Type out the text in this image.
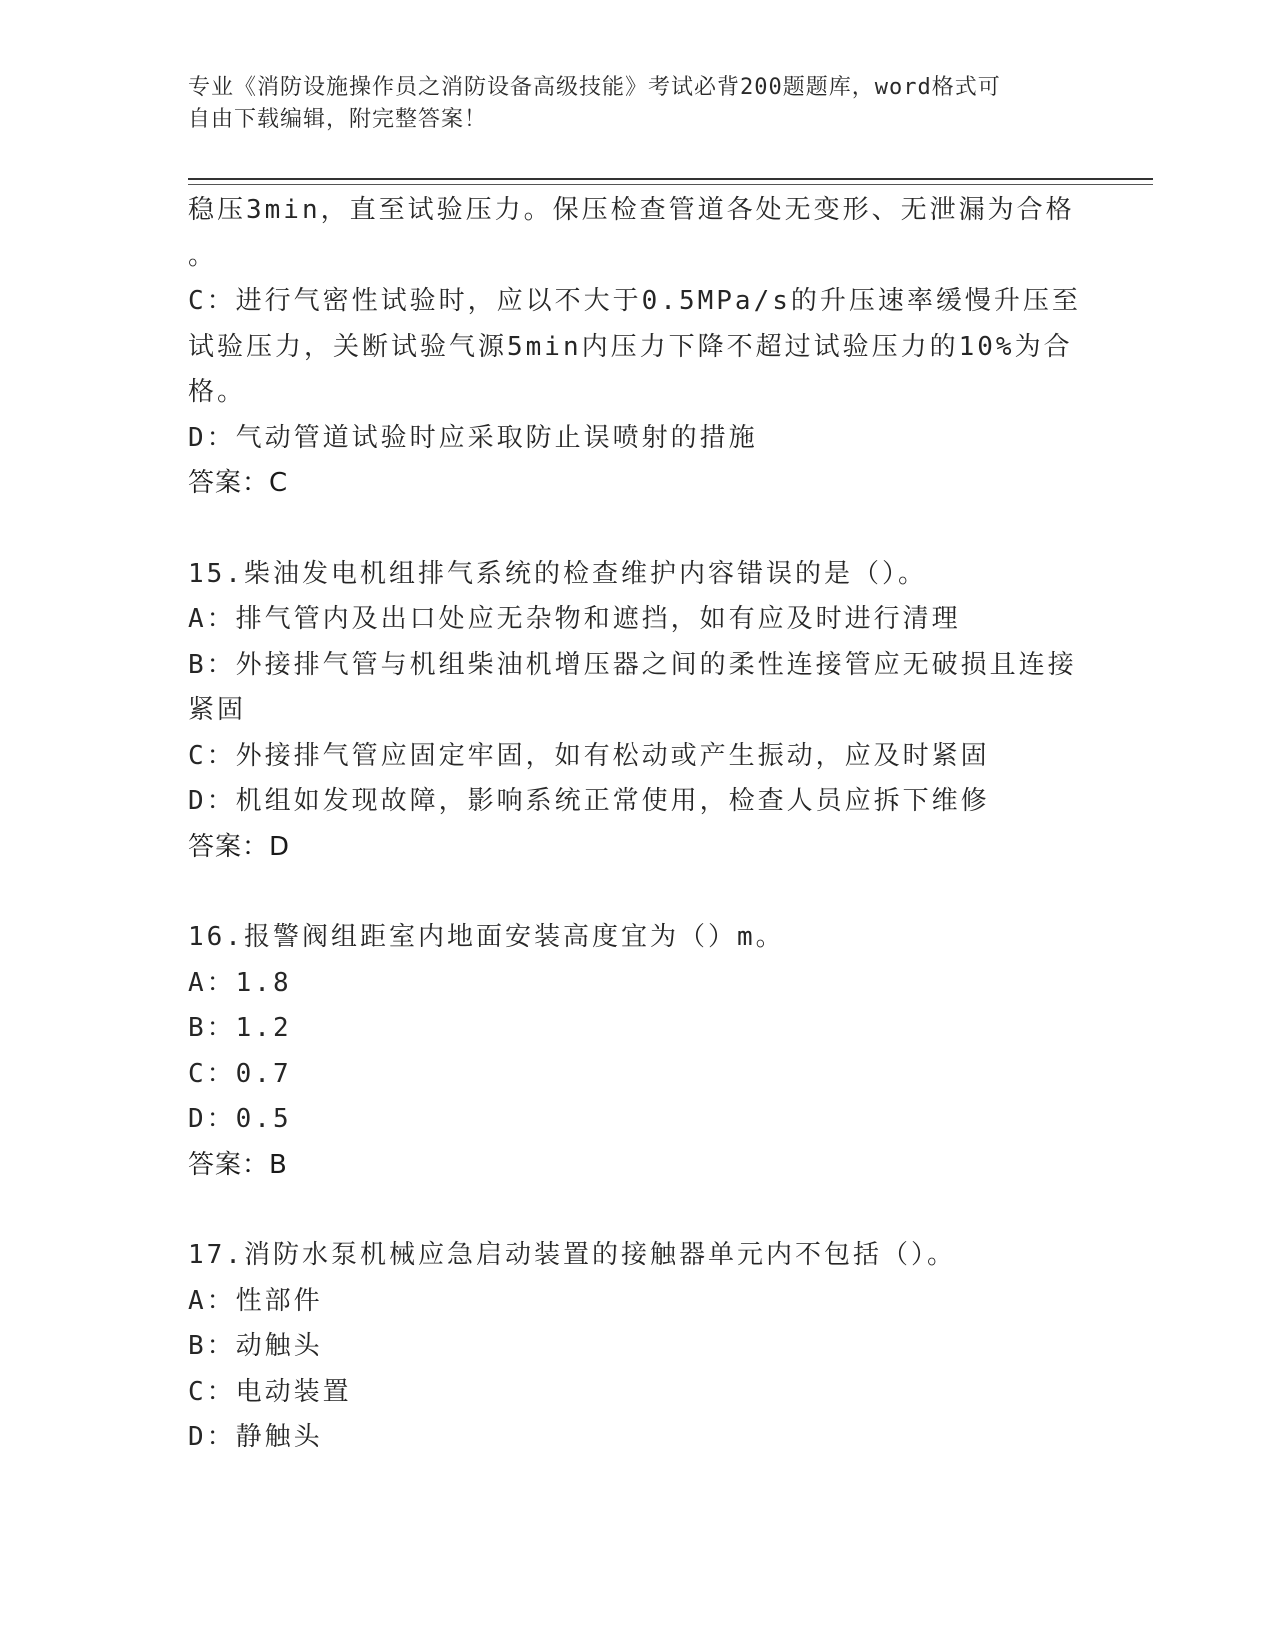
专业《消防设施操作员之消防设备高级技能》考试必背200题题库，word格式可
自由下载编辑，附完整答案！
稳压3min，直至试验压力。保压检查管道各处无变形、无泄漏为合格
。
C：进行气密性试验时，应以不大于0.5MPa/s的升压速率缓慢升压至
试验压力，关断试验气源5min内压力下降不超过试验压力的10%为合
格。
D：气动管道试验时应采取防止误喷射的措施
答案：C
15.柴油发电机组排气系统的检查维护内容错误的是（）。
A：排气管内及出口处应无杂物和遮挡，如有应及时进行清理
B：外接排气管与机组柴油机增压器之间的柔性连接管应无破损且连接
紧固
C：外接排气管应固定牢固，如有松动或产生振动，应及时紧固
D：机组如发现故障，影响系统正常使用，检查人员应拆下维修
答案：D
16.报警阀组距室内地面安装高度宜为（）m。
A：1.8
B：1.2
C：0.7
D：0.5
答案：B
17.消防水泵机械应急启动装置的接触器单元内不包括（）。
A：性部件
B：动触头
C：电动装置
D：静触头
